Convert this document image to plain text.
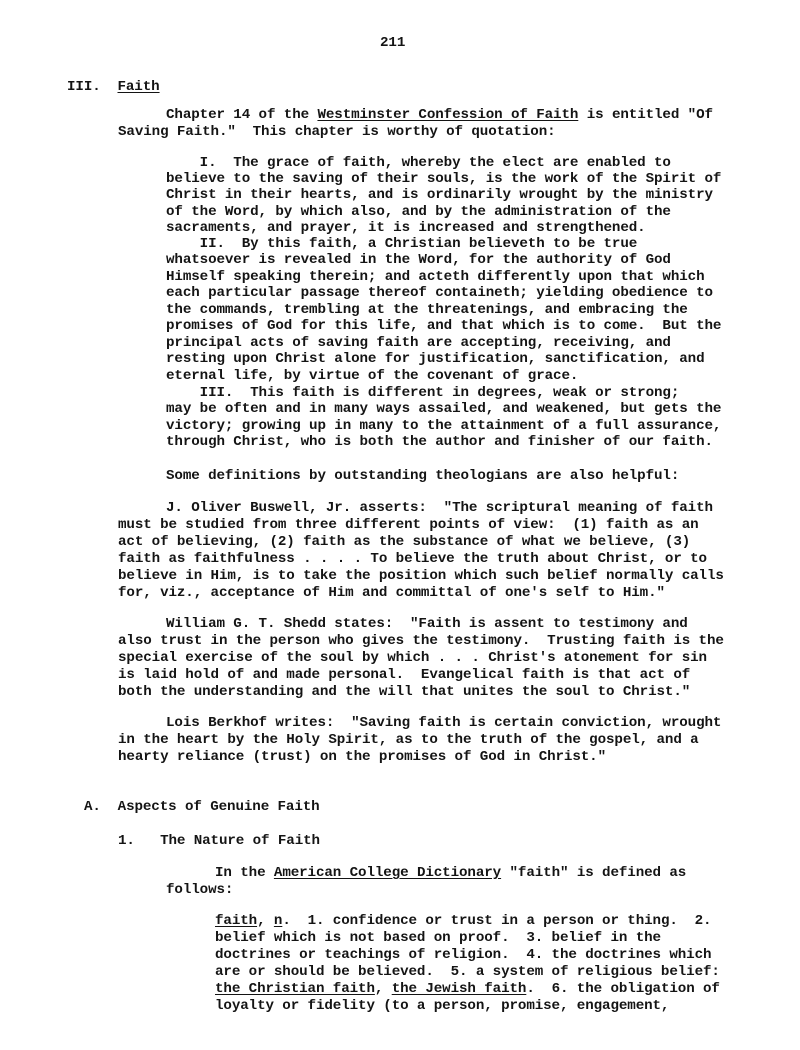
211
III. Faith
Chapter 14 of the Westminster Confession of Faith is entitled "Of
Saving Faith."  This chapter is worthy of quotation:
I.  The grace of faith, whereby the elect are enabled to
believe to the saving of their souls, is the work of the Spirit of
Christ in their hearts, and is ordinarily wrought by the ministry
of the Word, by which also, and by the administration of the
sacraments, and prayer, it is increased and strengthened.
II.  By this faith, a Christian believeth to be true
whatsoever is revealed in the Word, for the authority of God
Himself speaking therein; and acteth differently upon that which
each particular passage thereof containeth; yielding obedience to
the commands, trembling at the threatenings, and embracing the
promises of God for this life, and that which is to come.  But the
principal acts of saving faith are accepting, receiving, and
resting upon Christ alone for justification, sanctification, and
eternal life, by virtue of the covenant of grace.
III.  This faith is different in degrees, weak or strong;
may be often and in many ways assailed, and weakened, but gets the
victory; growing up in many to the attainment of a full assurance,
through Christ, who is both the author and finisher of our faith.
Some definitions by outstanding theologians are also helpful:
J. Oliver Buswell, Jr. asserts:  "The scriptural meaning of faith
must be studied from three different points of view:  (1) faith as an
act of believing, (2) faith as the substance of what we believe, (3)
faith as faithfulness . . . . To believe the truth about Christ, or to
believe in Him, is to take the position which such belief normally calls
for, viz., acceptance of Him and committal of one's self to Him."
William G. T. Shedd states:  "Faith is assent to testimony and
also trust in the person who gives the testimony.  Trusting faith is the
special exercise of the soul by which . . . Christ's atonement for sin
is laid hold of and made personal.  Evangelical faith is that act of
both the understanding and the will that unites the soul to Christ."
Lois Berkhof writes:  "Saving faith is certain conviction, wrought
in the heart by the Holy Spirit, as to the truth of the gospel, and a
hearty reliance (trust) on the promises of God in Christ."
A. Aspects of Genuine Faith
1. The Nature of Faith
In the American College Dictionary "faith" is defined as
follows:
faith, n.  1. confidence or trust in a person or thing.  2.
belief which is not based on proof.  3. belief in the
doctrines or teachings of religion.  4. the doctrines which
are or should be believed.  5. a system of religious belief:
the Christian faith, the Jewish faith.  6. the obligation of
loyalty or fidelity (to a person, promise, engagement,
